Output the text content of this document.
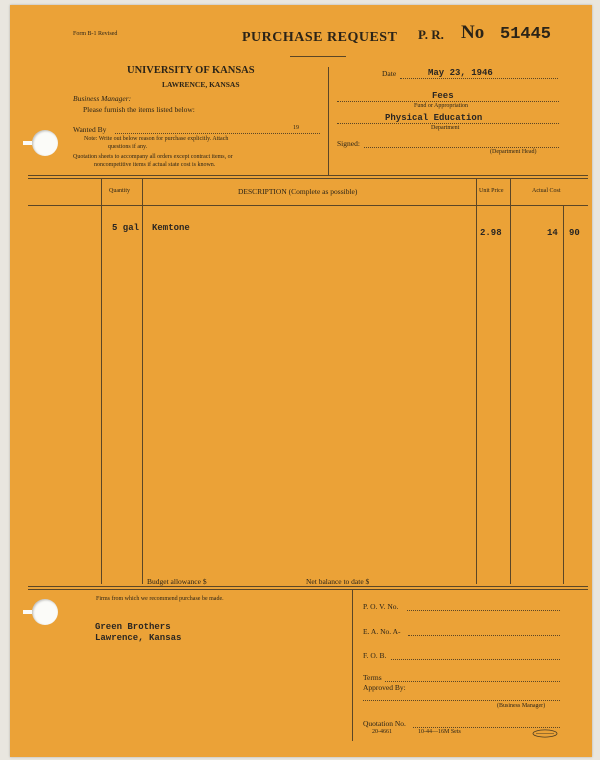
Form B-1 Revised	PURCHASE REQUEST P. R. No 51445
UNIVERSITY OF KANSAS
LAWRENCE, KANSAS
Business Manager:
Please furnish the items listed below:
Wanted By	19
Note: Write out below reason for purchase explicitly. Attach
questions if any.
Quotation sheets to accompany all orders except contract items, or
noncompetitive items if actual state cost is known.
Date	May 23, 1946
Fees
Fund or Appropriation
Physical Education
Department
Signed:
(Department Head)
Quantity	DESCRIPTION (Complete as possible)	Unit Price	Actual Cost
5 gal Kemtone	2.98	14 90
Budget allowance $	Net balance to date $
Firms from which we recommend purchase be made.
Green Brothers
Lawrence, Kansas
P. O. V. No.
E. A. No. A-
F. O. B.
Terms
Approved By:
(Business Manager)
Quotation No.
20-4661	10-44—16M Sets
